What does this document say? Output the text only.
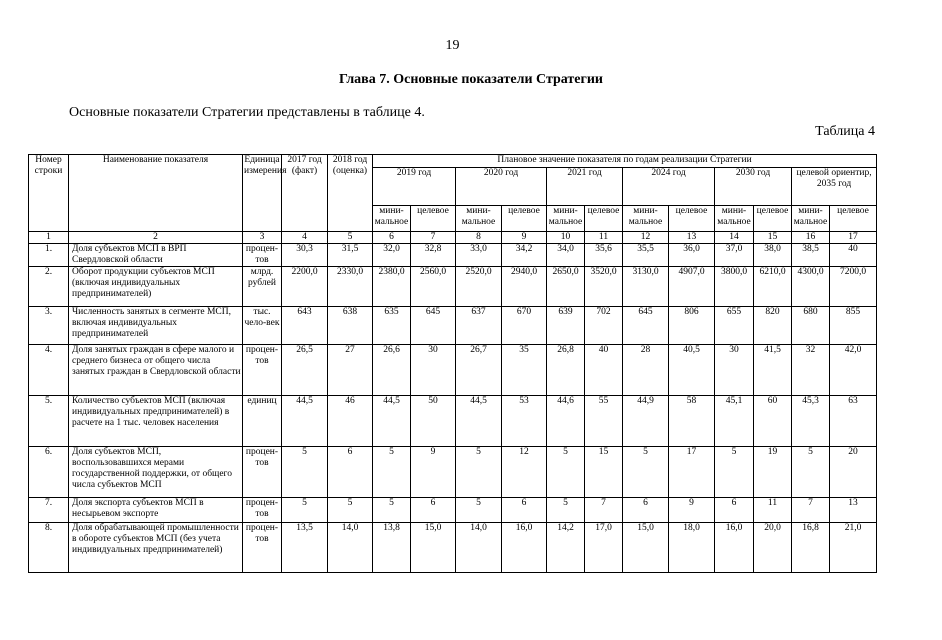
19
Глава 7. Основные показатели Стратегии
Основные показатели Стратегии представлены в таблице 4.
Таблица 4
Номер строки	Наименование показателя	Единица измерения	2017 год (факт)	2018 год (оценка)	Плановое значение показателя по годам реализации Стратегии											
					2019 год		2020 год		2021 год		2024 год		2030 год		целевой ориентир, 2035 год	
					мини-мальное	целевое	мини-мальное	целевое	мини-мальное	целевое	мини-мальное	целевое	мини-мальное	целевое	мини-мальное	целевое
1	2	3	4	5	6	7	8	9	10	11	12	13	14	15	16	17
1.	Доля субъектов МСП в ВРП Свердловской области	процен-тов	30,3	31,5	32,0	32,8	33,0	34,2	34,0	35,6	35,5	36,0	37,0	38,0	38,5	40
2.	Оборот продукции субъектов МСП (включая индивидуальных предпринимателей)	млрд. рублей	2200,0	2330,0	2380,0	2560,0	2520,0	2940,0	2650,0	3520,0	3130,0	4907,0	3800,0	6210,0	4300,0	7200,0
3.	Численность занятых в сегменте МСП, включая индивидуальных предпринимателей	тыс. чело-век	643	638	635	645	637	670	639	702	645	806	655	820	680	855
4.	Доля занятых граждан в сфере малого и среднего бизнеса от общего числа занятых граждан в Свердловской области	процен-тов	26,5	27	26,6	30	26,7	35	26,8	40	28	40,5	30	41,5	32	42,0
5.	Количество субъектов МСП (включая индивидуальных предпринимателей) в расчете на 1 тыс. человек населения	единиц	44,5	46	44,5	50	44,5	53	44,6	55	44,9	58	45,1	60	45,3	63
6.	Доля субъектов МСП, воспользовавшихся мерами государственной поддержки, от общего числа субъектов МСП	процен-тов	5	6	5	9	5	12	5	15	5	17	5	19	5	20
7.	Доля экспорта субъектов МСП в несырьевом экспорте	процен-тов	5	5	5	6	5	6	5	7	6	9	6	11	7	13
8.	Доля обрабатывающей промышленности в обороте субъектов МСП (без учета индивидуальных предпринимателей)	процен-тов	13,5	14,0	13,8	15,0	14,0	16,0	14,2	17,0	15,0	18,0	16,0	20,0	16,8	21,0
